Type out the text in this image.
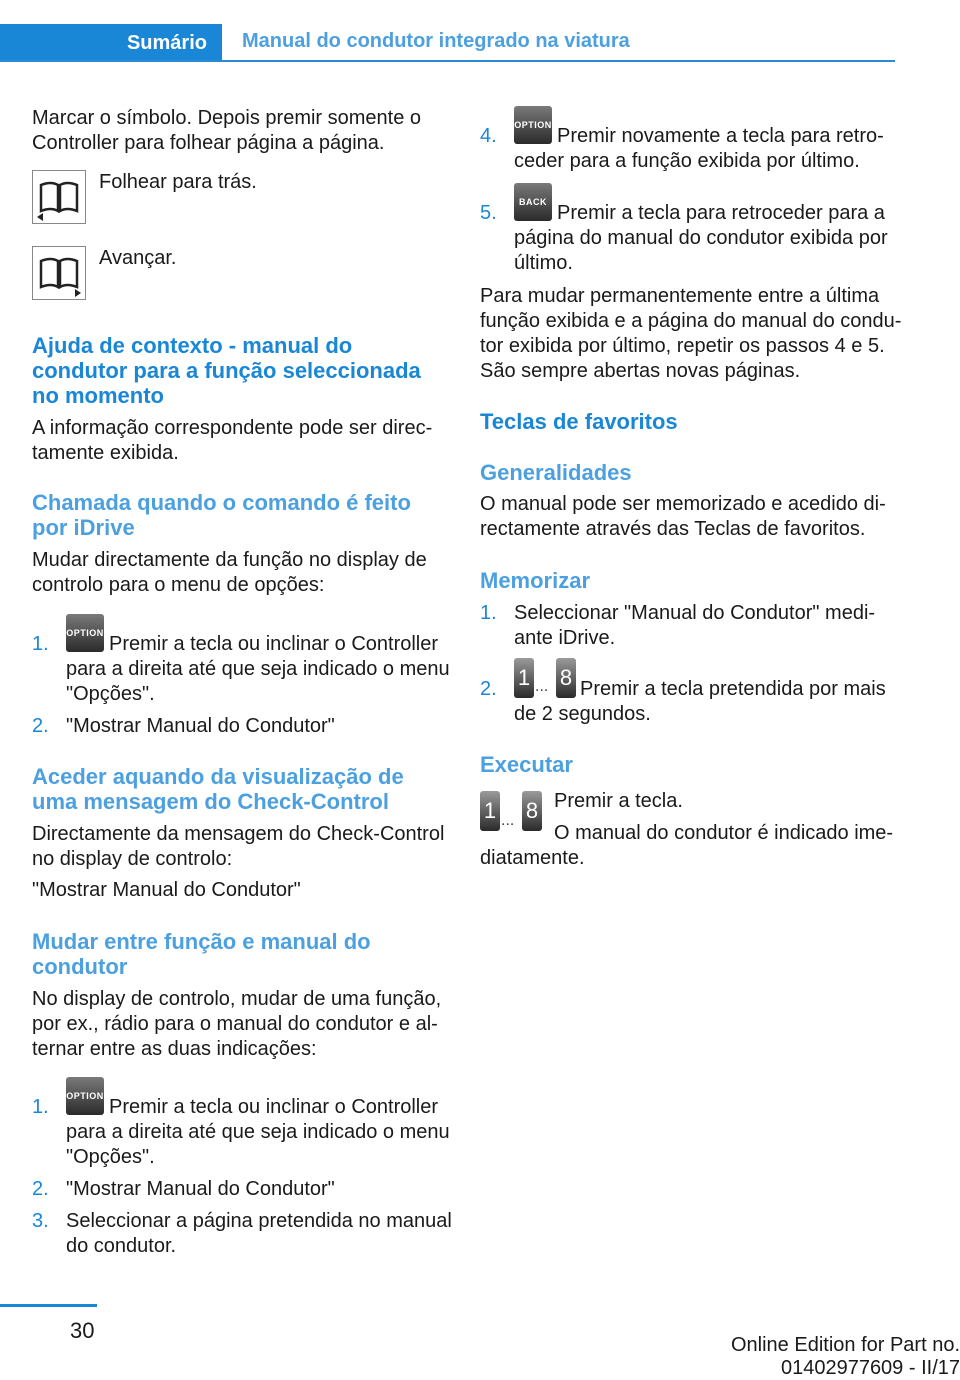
Sumário Manual do condutor integrado na viatura
Marcar o símbolo. Depois premir somente o
Controller para folhear página a página.
Folhear para trás.
Avançar.
Ajuda de contexto - manual do
condutor para a função seleccionada
no momento
A informação correspondente pode ser direc‐
tamente exibida.
Chamada quando o comando é feito
por iDrive
Mudar directamente da função no display de
controlo para o menu de opções:
1. OPTION Premir a tecla ou inclinar o Controller
para a direita até que seja indicado o menu
"Opções".
2. "Mostrar Manual do Condutor"
Aceder aquando da visualização de
uma mensagem do Check-Control
Directamente da mensagem do Check-Control
no display de controlo:
"Mostrar Manual do Condutor"
Mudar entre função e manual do
condutor
No display de controlo, mudar de uma função,
por ex., rádio para o manual do condutor e al‐
ternar entre as duas indicações:
1. OPTION Premir a tecla ou inclinar o Controller
para a direita até que seja indicado o menu
"Opções".
2. "Mostrar Manual do Condutor"
3. Seleccionar a página pretendida no manual
do condutor.
4. OPTION Premir novamente a tecla para retro‐
ceder para a função exibida por último.
5. BACK Premir a tecla para retroceder para a
página do manual do condutor exibida por
último.
Para mudar permanentemente entre a última
função exibida e a página do manual do condu‐
tor exibida por último, repetir os passos 4 e 5.
São sempre abertas novas páginas.
Teclas de favoritos
Generalidades
O manual pode ser memorizado e acedido di‐
rectamente através das Teclas de favoritos.
Memorizar
1. Seleccionar "Manual do Condutor" medi‐
ante iDrive.
2. 1 ... 8 Premir a tecla pretendida por mais
de 2 segundos.
Executar
1 ... 8 Premir a tecla.
O manual do condutor é indicado ime‐
diatamente.
30
Online Edition for Part no. 01402977609 - II/17
